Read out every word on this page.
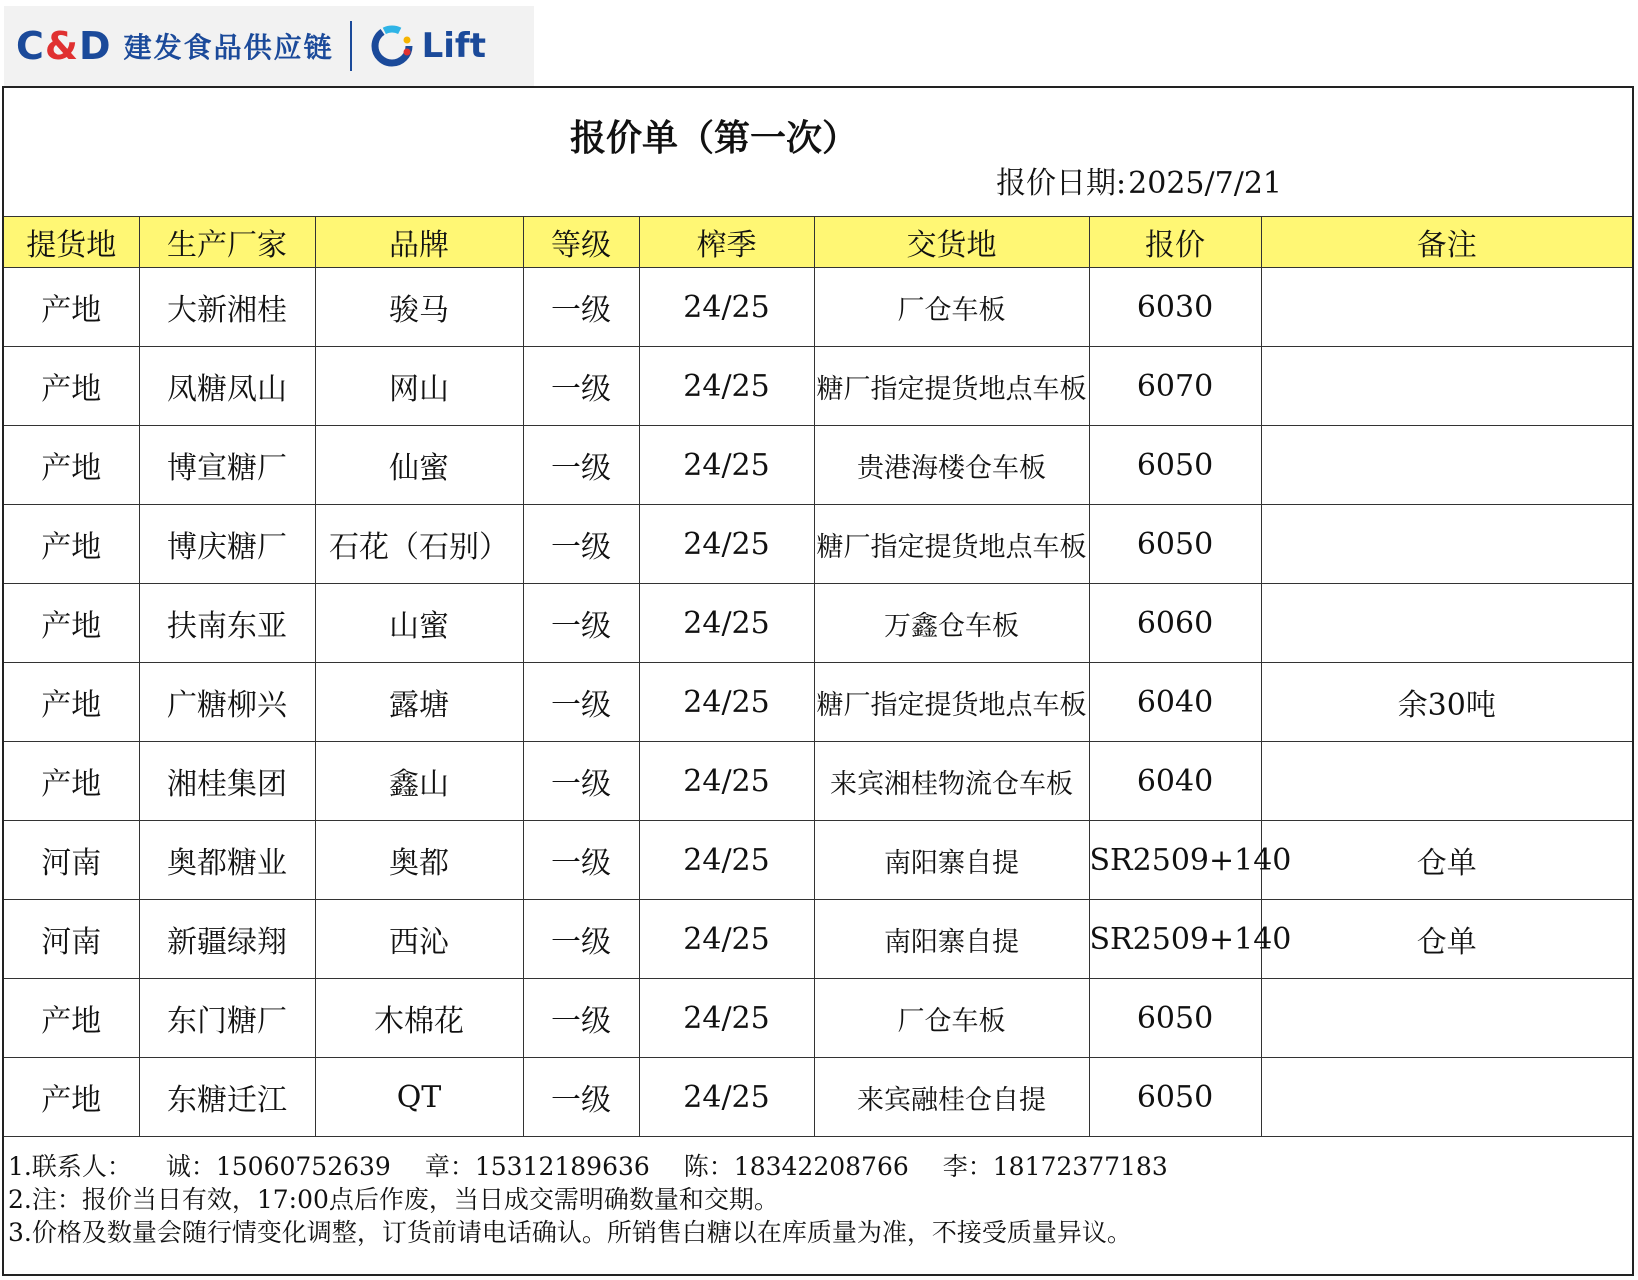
C&D 建发食品供应链	Lift
报价单（第一次）
报价日期:2025/7/21
提货地	生产厂家	品牌	等级	榨季	交货地	报价	备注
产地	大新湘桂	骏马	一级	24/25	厂仓车板	6030	
产地	凤糖凤山	网山	一级	24/25	糖厂指定提货地点车板	6070	
产地	博宣糖厂	仙蜜	一级	24/25	贵港海楼仓车板	6050	
产地	博庆糖厂	石花（石别）	一级	24/25	糖厂指定提货地点车板	6050	
产地	扶南东亚	山蜜	一级	24/25	万鑫仓车板	6060	
产地	广糖柳兴	露塘	一级	24/25	糖厂指定提货地点车板	6040	余30吨
产地	湘桂集团	鑫山	一级	24/25	来宾湘桂物流仓车板	6040	
河南	奥都糖业	奥都	一级	24/25	南阳寨自提	SR2509+140	仓单
河南	新疆绿翔	西沁	一级	24/25	南阳寨自提	SR2509+140	仓单
产地	东门糖厂	木棉花	一级	24/25	厂仓车板	6050	
产地	东糖迁江	QT	一级	24/25	来宾融桂仓自提	6050	
1.联系人： 诚：15060752639 章：15312189636 陈：18342208766 李：18172377183
2.注：报价当日有效，17:00点后作废，当日成交需明确数量和交期。
3.价格及数量会随行情变化调整，订货前请电话确认。所销售白糖以在库质量为准，不接受质量异议。
